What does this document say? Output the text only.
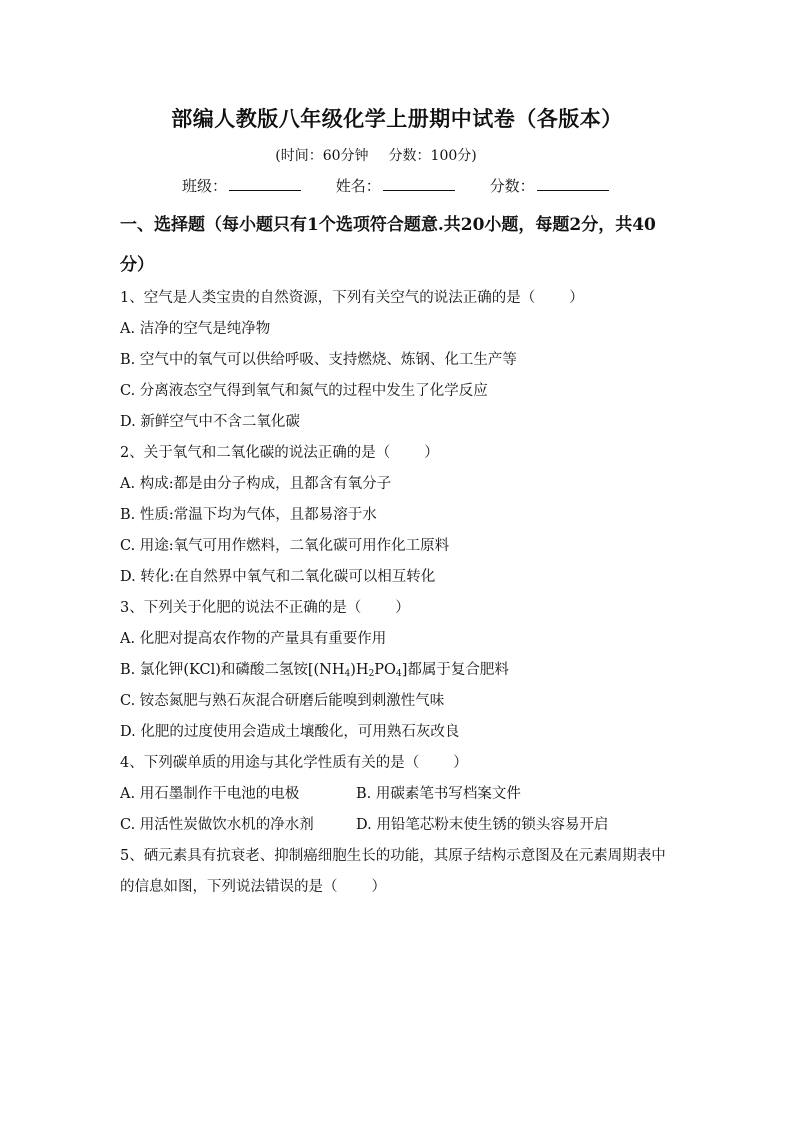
部编人教版八年级化学上册期中试卷（各版本）
(时间：60分钟 分数：100分)
班级：	姓名：	分数：
一、选择题（每小题只有1个选项符合题意.共20小题，每题2分，共40分）
1、空气是人类宝贵的自然资源，下列有关空气的说法正确的是（ ）
A. 洁净的空气是纯净物
B. 空气中的氧气可以供给呼吸、支持燃烧、炼钢、化工生产等
C. 分离液态空气得到氧气和氮气的过程中发生了化学反应
D. 新鲜空气中不含二氧化碳
2、关于氧气和二氧化碳的说法正确的是（ ）
A. 构成:都是由分子构成，且都含有氧分子
B. 性质:常温下均为气体，且都易溶于水
C. 用途:氧气可用作燃料，二氧化碳可用作化工原料
D. 转化:在自然界中氧气和二氧化碳可以相互转化
3、下列关于化肥的说法不正确的是（ ）
A. 化肥对提高农作物的产量具有重要作用
B. 氯化钾(KCl)和磷酸二氢铵$[(NH_4)H_2PO_4]$都属于复合肥料
C. 铵态氮肥与熟石灰混合研磨后能嗅到刺激性气味
D. 化肥的过度使用会造成土壤酸化，可用熟石灰改良
4、下列碳单质的用途与其化学性质有关的是（ ）
A. 用石墨制作干电池的电极	B. 用碳素笔书写档案文件
C. 用活性炭做饮水机的净水剂	D. 用铅笔芯粉末使生锈的锁头容易开启
5、硒元素具有抗衰老、抑制癌细胞生长的功能，其原子结构示意图及在元素周期表中的信息如图，下列说法错误的是（ ）
